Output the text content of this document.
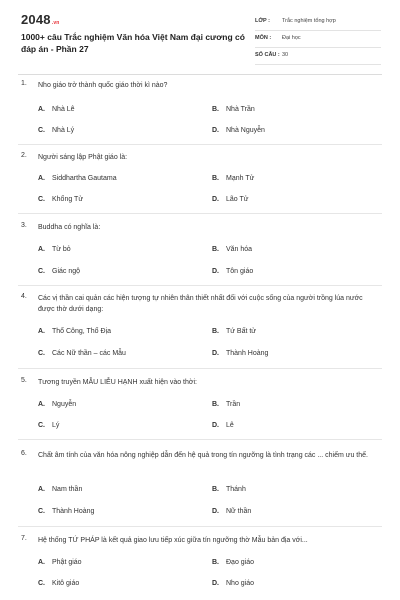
2048.vn
1000+ câu Trắc nghiệm Văn hóa Việt Nam đại cương có đáp án - Phần 27
LỚP : Trắc nghiệm tổng hợp
MÔN : Đại học
SỐ CÂU : 30
1. Nho giáo trở thành quốc giáo thời kì nào?
A. Nhà Lê	B. Nhà Trần
C. Nhà Lý	D. Nhà Nguyễn
2. Người sáng lập Phật giáo là:
A. Siddhartha Gautama	B. Mạnh Tử
C. Khổng Tử	D. Lão Tử
3. Buddha có nghĩa là:
A. Từ bỏ	B. Văn hóa
C. Giác ngộ	D. Tôn giáo
4. Các vị thần cai quản các hiện tượng tự nhiên thân thiết nhất đối với cuộc sống của người trồng lúa nước được thờ dưới dạng:
A. Thổ Công, Thổ Địa	B. Tứ Bất tử
C. Các Nữ thần – các Mẫu	D. Thành Hoàng
5. Tương truyền MẪU LIỄU HẠNH xuất hiện vào thời:
A. Nguyễn	B. Trần
C. Lý	D. Lê
6. Chất âm tính của văn hóa nông nghiệp dẫn đến hệ quả trong tín ngưỡng là tình trạng các ... chiếm ưu thế.
A. Nam thần	B. Thánh
C. Thành Hoàng	D. Nữ thần
7. Hệ thống TỨ PHÁP là kết quả giao lưu tiếp xúc giữa tín ngưỡng thờ Mẫu bản địa với...
A. Phật giáo	B. Đạo giáo
C. Kitô giáo	D. Nho giáo
